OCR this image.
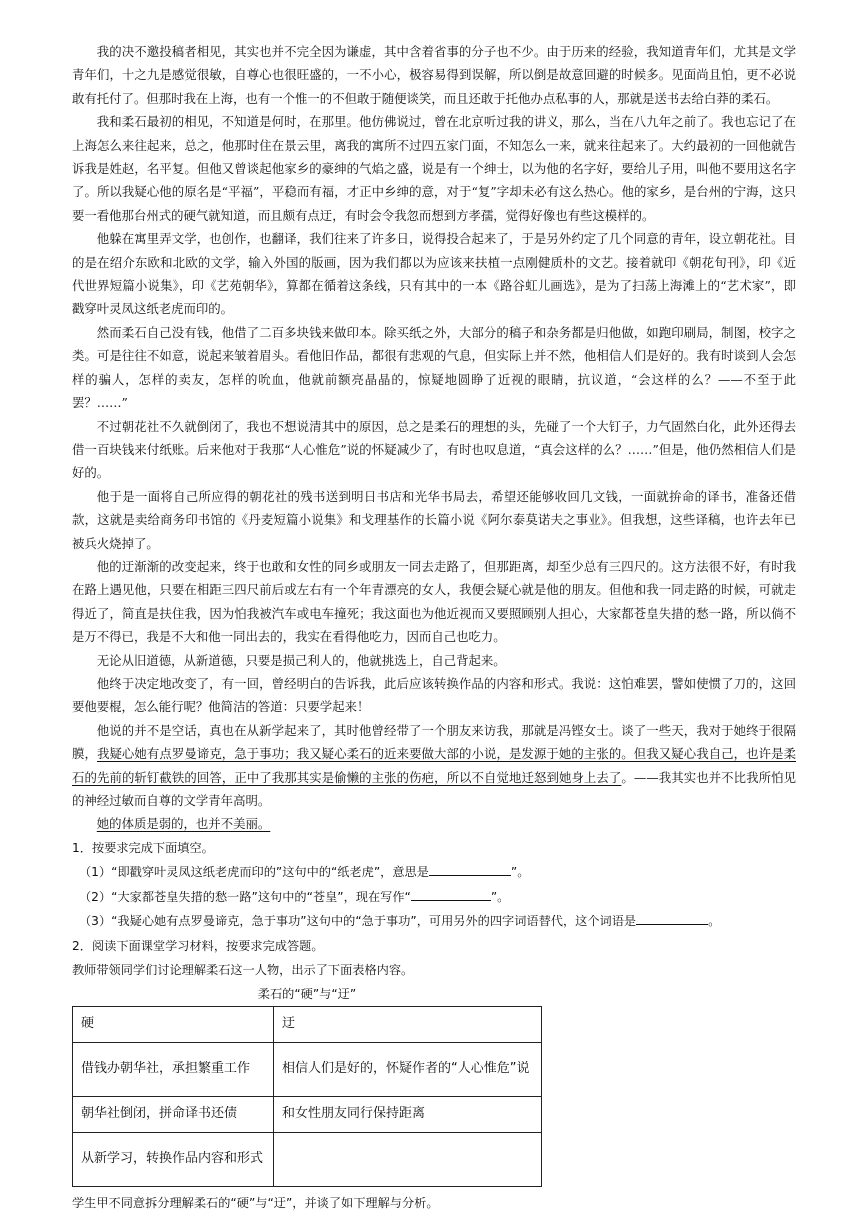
我的决不邀投稿者相见，其实也并不完全因为谦虚，其中含着省事的分子也不少。由于历来的经验，我知道青年们，尤其是文学青年们，十之九是感觉很敏，自尊心也很旺盛的，一不小心，极容易得到误解，所以倒是故意回避的时候多。见面尚且怕，更不必说敢有托付了。但那时我在上海，也有一个惟一的不但敢于随便谈笑，而且还敢于托他办点私事的人，那就是送书去给白莽的柔石。

我和柔石最初的相见，不知道是何时，在那里。他仿佛说过，曾在北京听过我的讲义，那么，当在八九年之前了。我也忘记了在上海怎么来往起来，总之，他那时住在景云里，离我的寓所不过四五家门面，不知怎么一来，就来往起来了。大约最初的一回他就告诉我是姓赵，名平复。但他又曾谈起他家乡的豪绅的气焰之盛，说是有一个绅士，以为他的名字好，要给儿子用，叫他不要用这名字了。所以我疑心他的原名是“平福”，平稳而有福，才正中乡绅的意，对于“复”字却未必有这么热心。他的家乡，是台州的宁海，这只要一看他那台州式的硬气就知道，而且颇有点迂，有时会令我忽而想到方孝孺，觉得好像也有些这模样的。

他躲在寓里弄文学，也创作，也翻译，我们往来了许多日，说得投合起来了，于是另外约定了几个同意的青年，设立朝花社。目的是在绍介东欧和北欧的文学，输入外国的版画，因为我们都以为应该来扶植一点刚健质朴的文艺。接着就印《朝花旬刊》，印《近代世界短篇小说集》，印《艺苑朝华》，算都在循着这条线，只有其中的一本《路谷虹儿画选》，是为了扫荡上海滩上的“艺术家”，即戳穿叶灵凤这纸老虎而印的。

然而柔石自己没有钱，他借了二百多块钱来做印本。除买纸之外，大部分的稿子和杂务都是归他做，如跑印刷局，制图，校字之类。可是往往不如意，说起来皱着眉头。看他旧作品，都很有悲观的气息，但实际上并不然，他相信人们是好的。我有时谈到人会怎样的骗人，怎样的卖友，怎样的吮血，他就前额亮晶晶的，惊疑地圆睁了近视的眼睛，抗议道，“会这样的么？——不至于此罢？……”

不过朝花社不久就倒闭了，我也不想说清其中的原因，总之是柔石的理想的头，先碰了一个大钉子，力气固然白化，此外还得去借一百块钱来付纸账。后来他对于我那“人心惟危”说的怀疑减少了，有时也叹息道，“真会这样的么？……”但是，他仍然相信人们是好的。

他于是一面将自己所应得的朝花社的残书送到明日书店和光华书局去，希望还能够收回几文钱，一面就拚命的译书，准备还借款，这就是卖给商务印书馆的《丹麦短篇小说集》和戈理基作的长篇小说《阿尔泰莫诺夫之事业》。但我想，这些译稿，也许去年已被兵火烧掉了。

他的迂渐渐的改变起来，终于也敢和女性的同乡或朋友一同去走路了，但那距离，却至少总有三四尺的。这方法很不好，有时我在路上遇见他，只要在相距三四尺前后或左右有一个年青漂亮的女人，我便会疑心就是他的朋友。但他和我一同走路的时候，可就走得近了，简直是扶住我，因为怕我被汽车或电车撞死；我这面也为他近视而又要照顾别人担心，大家都苍皇失措的愁一路，所以倘不是万不得已，我是不大和他一同出去的，我实在看得他吃力，因而自己也吃力。

无论从旧道德，从新道德，只要是损己利人的，他就挑选上，自己背起来。

他终于决定地改变了，有一回，曾经明白的告诉我，此后应该转换作品的内容和形式。我说：这怕难罢，譬如使惯了刀的，这回要他要棍，怎么能行呢？他简洁的答道：只要学起来！

他说的并不是空话，真也在从新学起来了，其时他曾经带了一个朋友来访我，那就是冯铿女士。谈了一些天，我对于她终于很隔膜，我疑心她有点罗曼谛克，急于事功；我又疑心柔石的近来要做大部的小说，是发源于她的主张的。但我又疑心我自己，也许是柔石的先前的斩钉截铁的回答，正中了我那其实是偷懒的主张的伤疤，所以不自觉地迁怒到她身上去了。——我其实也并不比我所怕见的神经过敏而自尊的文学青年高明。

她的体质是弱的，也并不美丽。

1．按要求完成下面填空。
（1）“即戳穿叶灵凤这纸老虎而印的”这句中的“纸老虎”，意思是	”。
（2）“大家都苍皇失措的愁一路”这句中的“苍皇”，现在写作“	”。
（3）“我疑心她有点罗曼谛克，急于事功”这句中的“急于事功”，可用另外的四字词语替代，这个词语是	。
2．阅读下面课堂学习材料，按要求完成答题。
教师带领同学们讨论理解柔石这一人物，出示了下面表格内容。
柔石的“硬”与“迂”
硬	迂
借钱办朝华社，承担繁重工作	相信人们是好的，怀疑作者的“人心惟危”说
朝华社倒闭，拼命译书还债	和女性朋友同行保持距离
从新学习，转换作品内容和形式	
学生甲不同意拆分理解柔石的“硬”与“迂”，并谈了如下理解与分析。
